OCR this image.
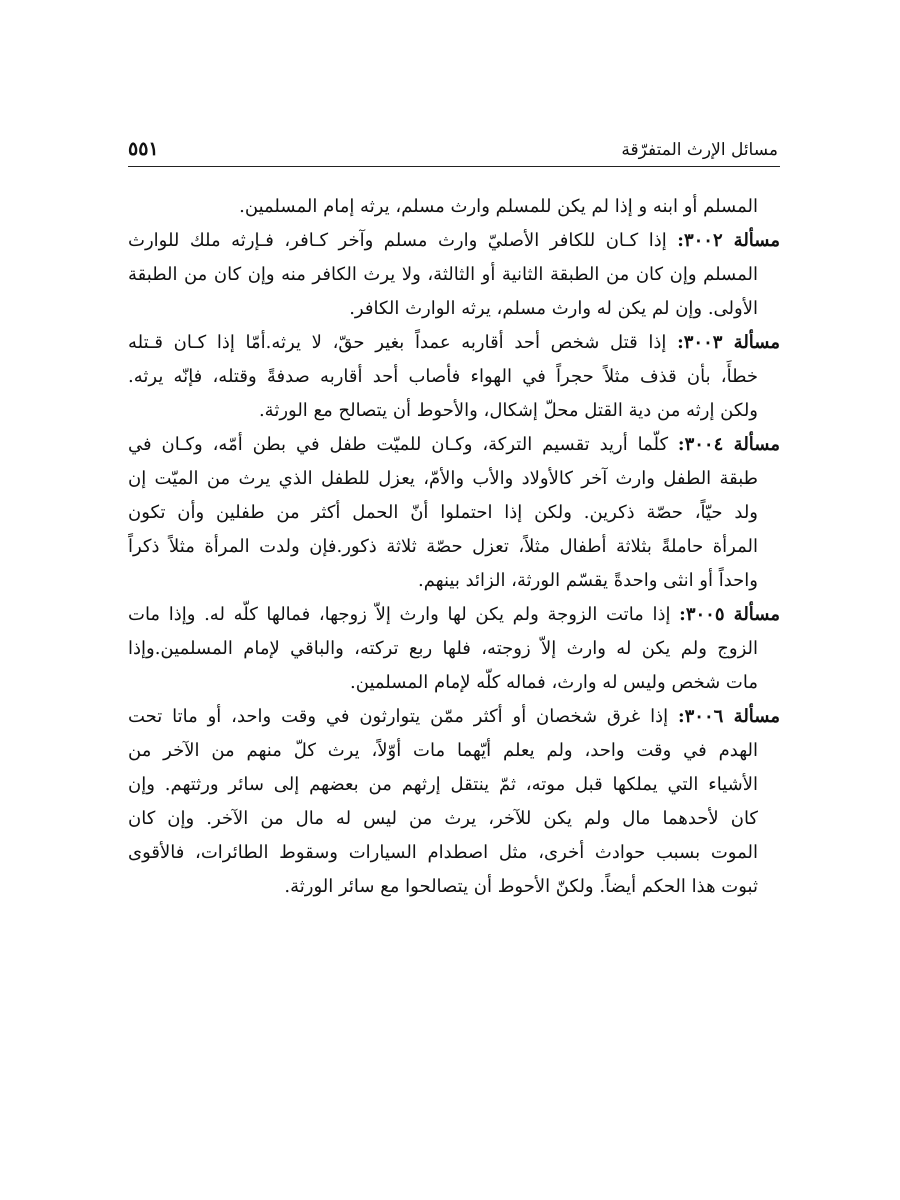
مسائل الإرث المتفرّقة
٥٥١
المسلم أو ابنه و إذا لم يكن للمسلم وارث مسلم، يرثه إمام المسلمين.
مسألة ٣٠٠٢: إذا كـان للكافر الأصليّ وارث مسلم وآخر كـافر، فـإرثه ملك للوارث
المسلم وإن كان من الطبقة الثانية أو الثالثة، ولا يرث الكافر منه وإن كان من الطبقة
الأولى. وإن لم يكن له وارث مسلم، يرثه الوارث الكافر.
مسألة ٣٠٠٣: إذا قتل شخص أحد أقاربه عمداً بغير حقّ، لا يرثه.أمّا إذا كـان قـتله
خطأً، بأن قذف مثلاً حجراً في الهواء فأصاب أحد أقاربه صدفةً وقتله، فإنّه يرثه.
ولكن إرثه من دية القتل محلّ إشكال، والأحوط أن يتصالح مع الورثة.
مسألة ٣٠٠٤: كلّما أريد تقسيم التركة، وكـان للميّت طفل في بطن أمّه، وكـان في
طبقة الطفل وارث آخر كالأولاد والأب والأمّ، يعزل للطفل الذي يرث من الميّت إن
ولد حيّاً، حصّة ذكرين. ولكن إذا احتملوا أنّ الحمل أكثر من طفلين وأن تكون
المرأة حاملةً بثلاثة أطفال مثلاً، تعزل حصّة ثلاثة ذكور.فإن ولدت المرأة مثلاً ذكراً
واحداً أو انثى واحدةً يقسّم الورثة، الزائد بينهم.
مسألة ٣٠٠٥: إذا ماتت الزوجة ولم يكن لها وارث إلاّ زوجها، فمالها كلّه له. وإذا مات
الزوج ولم يكن له وارث إلاّ زوجته، فلها ربع تركته، والباقي لإمام المسلمين.وإذا
مات شخص وليس له وارث، فماله كلّه لإمام المسلمين.
مسألة ٣٠٠٦: إذا غرق شخصان أو أكثر ممّن يتوارثون في وقت واحد، أو ماتا تحت
الهدم في وقت واحد، ولم يعلم أيّهما مات أوّلاً، يرث كلّ منهم من الآخر من
الأشياء التي يملكها قبل موته، ثمّ ينتقل إرثهم من بعضهم إلى سائر ورثتهم. وإن
كان لأحدهما مال ولم يكن للآخر، يرث من ليس له مال من الآخر. وإن كان
الموت بسبب حوادث أخرى، مثل اصطدام السيارات وسقوط الطائرات، فالأقوى
ثبوت هذا الحكم أيضاً. ولكنّ الأحوط أن يتصالحوا مع سائر الورثة.
